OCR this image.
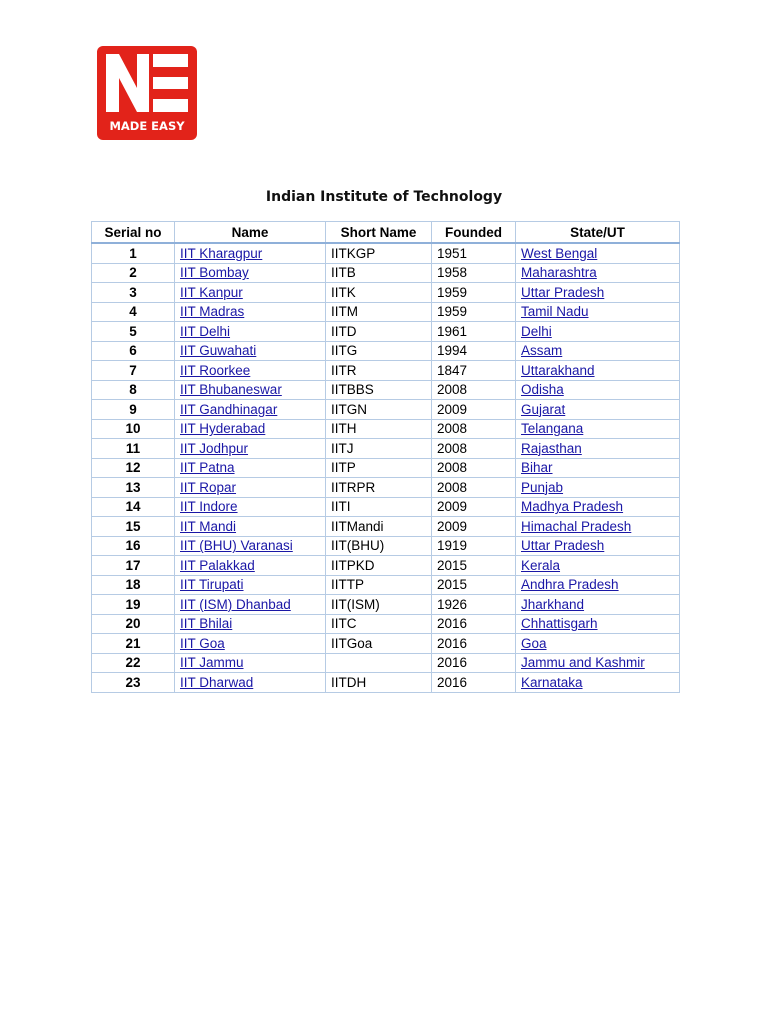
MADE EASY
Indian Institute of Technology
Serial no	Name	Short Name	Founded	State/UT
1	IIT Kharagpur	IITKGP	1951	West Bengal
2	IIT Bombay	IITB	1958	Maharashtra
3	IIT Kanpur	IITK	1959	Uttar Pradesh
4	IIT Madras	IITM	1959	Tamil Nadu
5	IIT Delhi	IITD	1961	Delhi
6	IIT Guwahati	IITG	1994	Assam
7	IIT Roorkee	IITR	1847	Uttarakhand
8	IIT Bhubaneswar	IITBBS	2008	Odisha
9	IIT Gandhinagar	IITGN	2009	Gujarat
10	IIT Hyderabad	IITH	2008	Telangana
11	IIT Jodhpur	IITJ	2008	Rajasthan
12	IIT Patna	IITP	2008	Bihar
13	IIT Ropar	IITRPR	2008	Punjab
14	IIT Indore	IITI	2009	Madhya Pradesh
15	IIT Mandi	IITMandi	2009	Himachal Pradesh
16	IIT (BHU) Varanasi	IIT(BHU)	1919	Uttar Pradesh
17	IIT Palakkad	IITPKD	2015	Kerala
18	IIT Tirupati	IITTP	2015	Andhra Pradesh
19	IIT (ISM) Dhanbad	IIT(ISM)	1926	Jharkhand
20	IIT Bhilai	IITC	2016	Chhattisgarh
21	IIT Goa	IITGoa	2016	Goa
22	IIT Jammu		2016	Jammu and Kashmir
23	IIT Dharwad	IITDH	2016	Karnataka
